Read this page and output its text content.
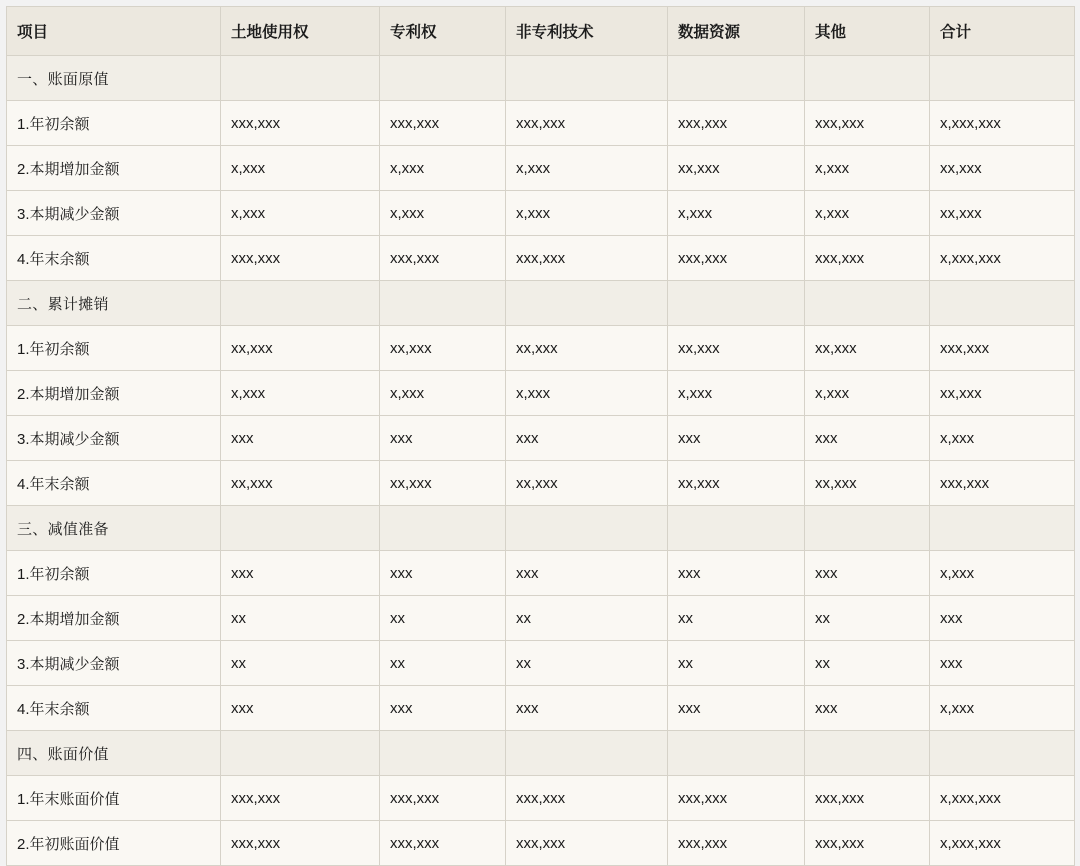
项目	土地使用权	专利权	非专利技术	数据资源	其他	合计
一、账面原值						
1.年初余额	xxx,xxx	xxx,xxx	xxx,xxx	xxx,xxx	xxx,xxx	x,xxx,xxx
2.本期增加金额	x,xxx	x,xxx	x,xxx	xx,xxx	x,xxx	xx,xxx
3.本期减少金额	x,xxx	x,xxx	x,xxx	x,xxx	x,xxx	xx,xxx
4.年末余额	xxx,xxx	xxx,xxx	xxx,xxx	xxx,xxx	xxx,xxx	x,xxx,xxx
二、累计摊销						
1.年初余额	xx,xxx	xx,xxx	xx,xxx	xx,xxx	xx,xxx	xxx,xxx
2.本期增加金额	x,xxx	x,xxx	x,xxx	x,xxx	x,xxx	xx,xxx
3.本期减少金额	xxx	xxx	xxx	xxx	xxx	x,xxx
4.年末余额	xx,xxx	xx,xxx	xx,xxx	xx,xxx	xx,xxx	xxx,xxx
三、减值准备						
1.年初余额	xxx	xxx	xxx	xxx	xxx	x,xxx
2.本期增加金额	xx	xx	xx	xx	xx	xxx
3.本期减少金额	xx	xx	xx	xx	xx	xxx
4.年末余额	xxx	xxx	xxx	xxx	xxx	x,xxx
四、账面价值						
1.年末账面价值	xxx,xxx	xxx,xxx	xxx,xxx	xxx,xxx	xxx,xxx	x,xxx,xxx
2.年初账面价值	xxx,xxx	xxx,xxx	xxx,xxx	xxx,xxx	xxx,xxx	x,xxx,xxx
